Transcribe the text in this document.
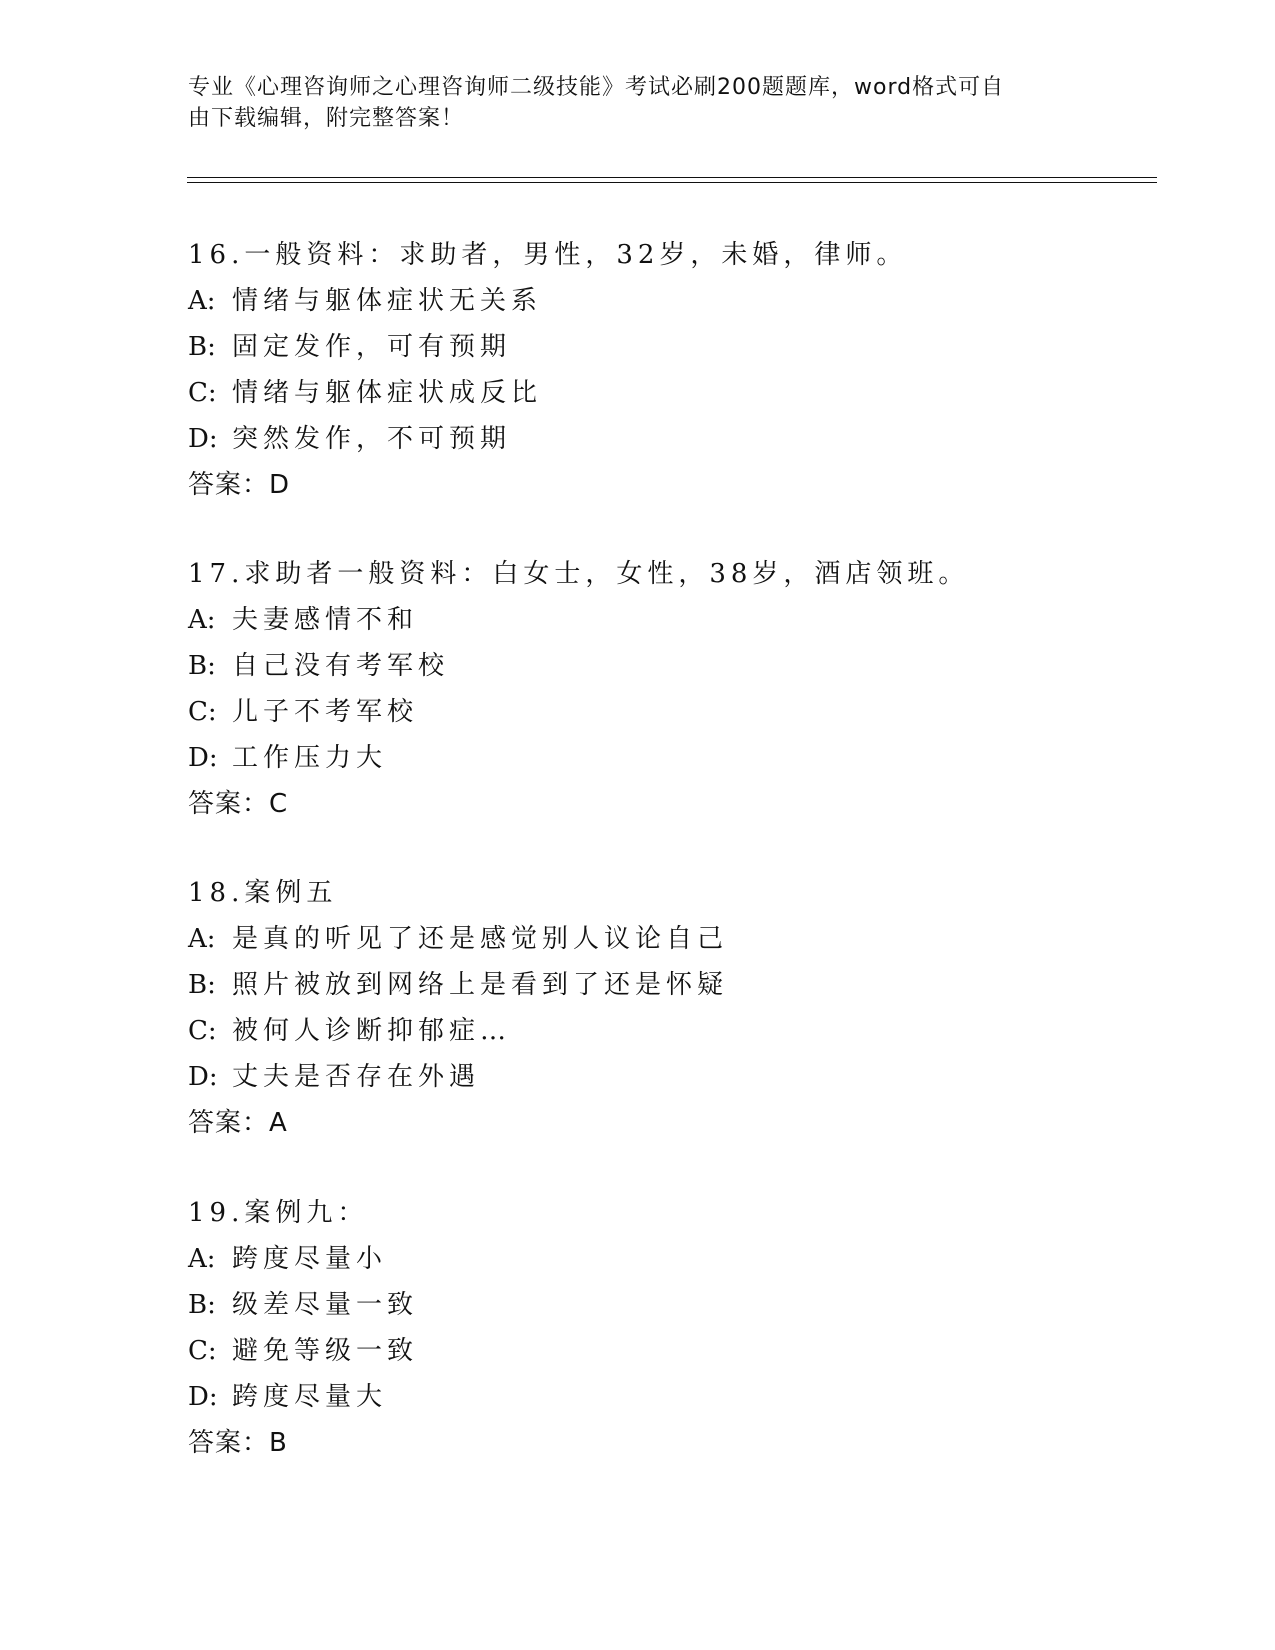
专业《心理咨询师之心理咨询师二级技能》考试必刷200题题库，word格式可自
由下载编辑，附完整答案！
16.一般资料：求助者，男性，32岁，未婚，律师。
A: 情绪与躯体症状无关系
B: 固定发作，可有预期
C: 情绪与躯体症状成反比
D: 突然发作，不可预期
答案：D
17.求助者一般资料：白女士，女性，38岁，酒店领班。
A: 夫妻感情不和
B: 自己没有考军校
C: 儿子不考军校
D: 工作压力大
答案：C
18.案例五
A: 是真的听见了还是感觉别人议论自己
B: 照片被放到网络上是看到了还是怀疑
C: 被何人诊断抑郁症…
D: 丈夫是否存在外遇
答案：A
19.案例九：
A: 跨度尽量小
B: 级差尽量一致
C: 避免等级一致
D: 跨度尽量大
答案：B
